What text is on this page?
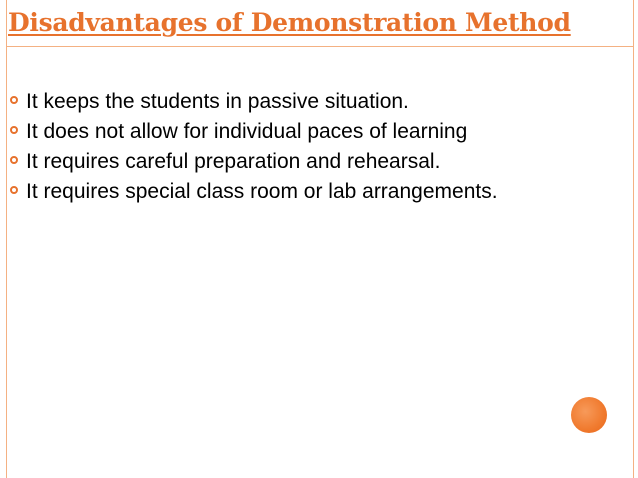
Disadvantages of Demonstration Method
It keeps the students in passive situation.
It does not allow for individual paces of learning
It requires careful preparation and rehearsal.
It requires special class room or lab arrangements.
